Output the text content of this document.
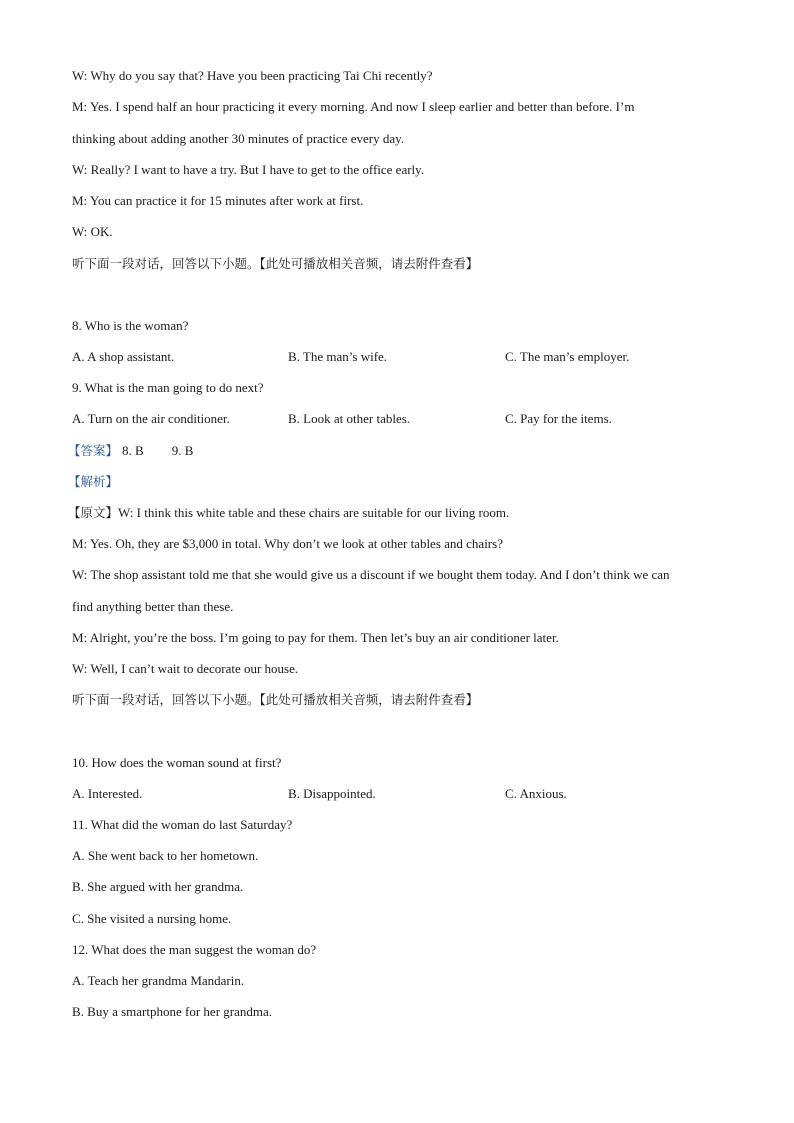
W: Why do you say that? Have you been practicing Tai Chi recently?
M: Yes. I spend half an hour practicing it every morning. And now I sleep earlier and better than before. I’m
thinking about adding another 30 minutes of practice every day.
W: Really? I want to have a try. But I have to get to the office early.
M: You can practice it for 15 minutes after work at first.
W: OK.
听下面一段对话，回答以下小题。【此处可播放相关音频，请去附件查看】
8. Who is the woman?
A. A shop assistant.	B. The man’s wife.	C. The man’s employer.
9. What is the man going to do next?
A. Turn on the air conditioner.	B. Look at other tables.	C. Pay for the items.
【答案】 8. B 9. B
【解析】
【原文】W: I think this white table and these chairs are suitable for our living room.
M: Yes. Oh, they are $3,000 in total. Why don’t we look at other tables and chairs?
W: The shop assistant told me that she would give us a discount if we bought them today. And I don’t think we can
find anything better than these.
M: Alright, you’re the boss. I’m going to pay for them. Then let’s buy an air conditioner later.
W: Well, I can’t wait to decorate our house.
听下面一段对话，回答以下小题。【此处可播放相关音频，请去附件查看】
10. How does the woman sound at first?
A. Interested.	B. Disappointed.	C. Anxious.
11. What did the woman do last Saturday?
A. She went back to her hometown.
B. She argued with her grandma.
C. She visited a nursing home.
12. What does the man suggest the woman do?
A. Teach her grandma Mandarin.
B. Buy a smartphone for her grandma.
